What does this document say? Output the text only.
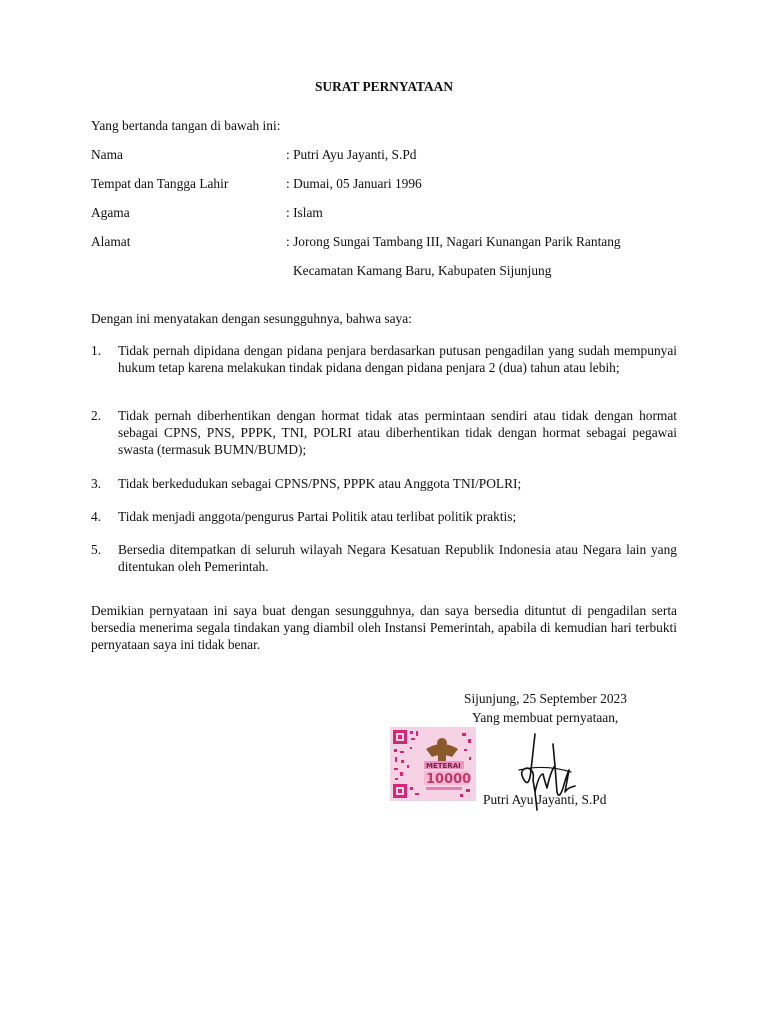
SURAT PERNYATAAN
Yang bertanda tangan di bawah ini:
Nama	: Putri Ayu Jayanti, S.Pd
Tempat dan Tangga Lahir	: Dumai, 05 Januari 1996
Agama	: Islam
Alamat	: Jorong Sungai Tambang III, Nagari Kunangan Parik Rantang
Kecamatan Kamang Baru, Kabupaten Sijunjung
Dengan ini menyatakan dengan sesungguhnya, bahwa saya:
1. Tidak pernah dipidana dengan pidana penjara berdasarkan putusan pengadilan yang sudah mempunyai hukum tetap karena melakukan tindak pidana dengan pidana penjara 2 (dua) tahun atau lebih;
2. Tidak pernah diberhentikan dengan hormat tidak atas permintaan sendiri atau tidak dengan hormat sebagai CPNS, PNS, PPPK, TNI, POLRI atau diberhentikan tidak dengan hormat sebagai pegawai swasta (termasuk BUMN/BUMD);
3. Tidak berkedudukan sebagai CPNS/PNS, PPPK atau Anggota TNI/POLRI;
4. Tidak menjadi anggota/pengurus Partai Politik atau terlibat politik praktis;
5. Bersedia ditempatkan di seluruh wilayah Negara Kesatuan Republik Indonesia atau Negara lain yang ditentukan oleh Pemerintah.
Demikian pernyataan ini saya buat dengan sesungguhnya, dan saya bersedia dituntut di pengadilan serta bersedia menerima segala tindakan yang diambil oleh Instansi Pemerintah, apabila di kemudian hari terbukti pernyataan saya ini tidak benar.
Sijunjung, 25 September 2023
Yang membuat pernyataan,
METERAI
10000
Putri Ayu Jayanti, S.Pd
